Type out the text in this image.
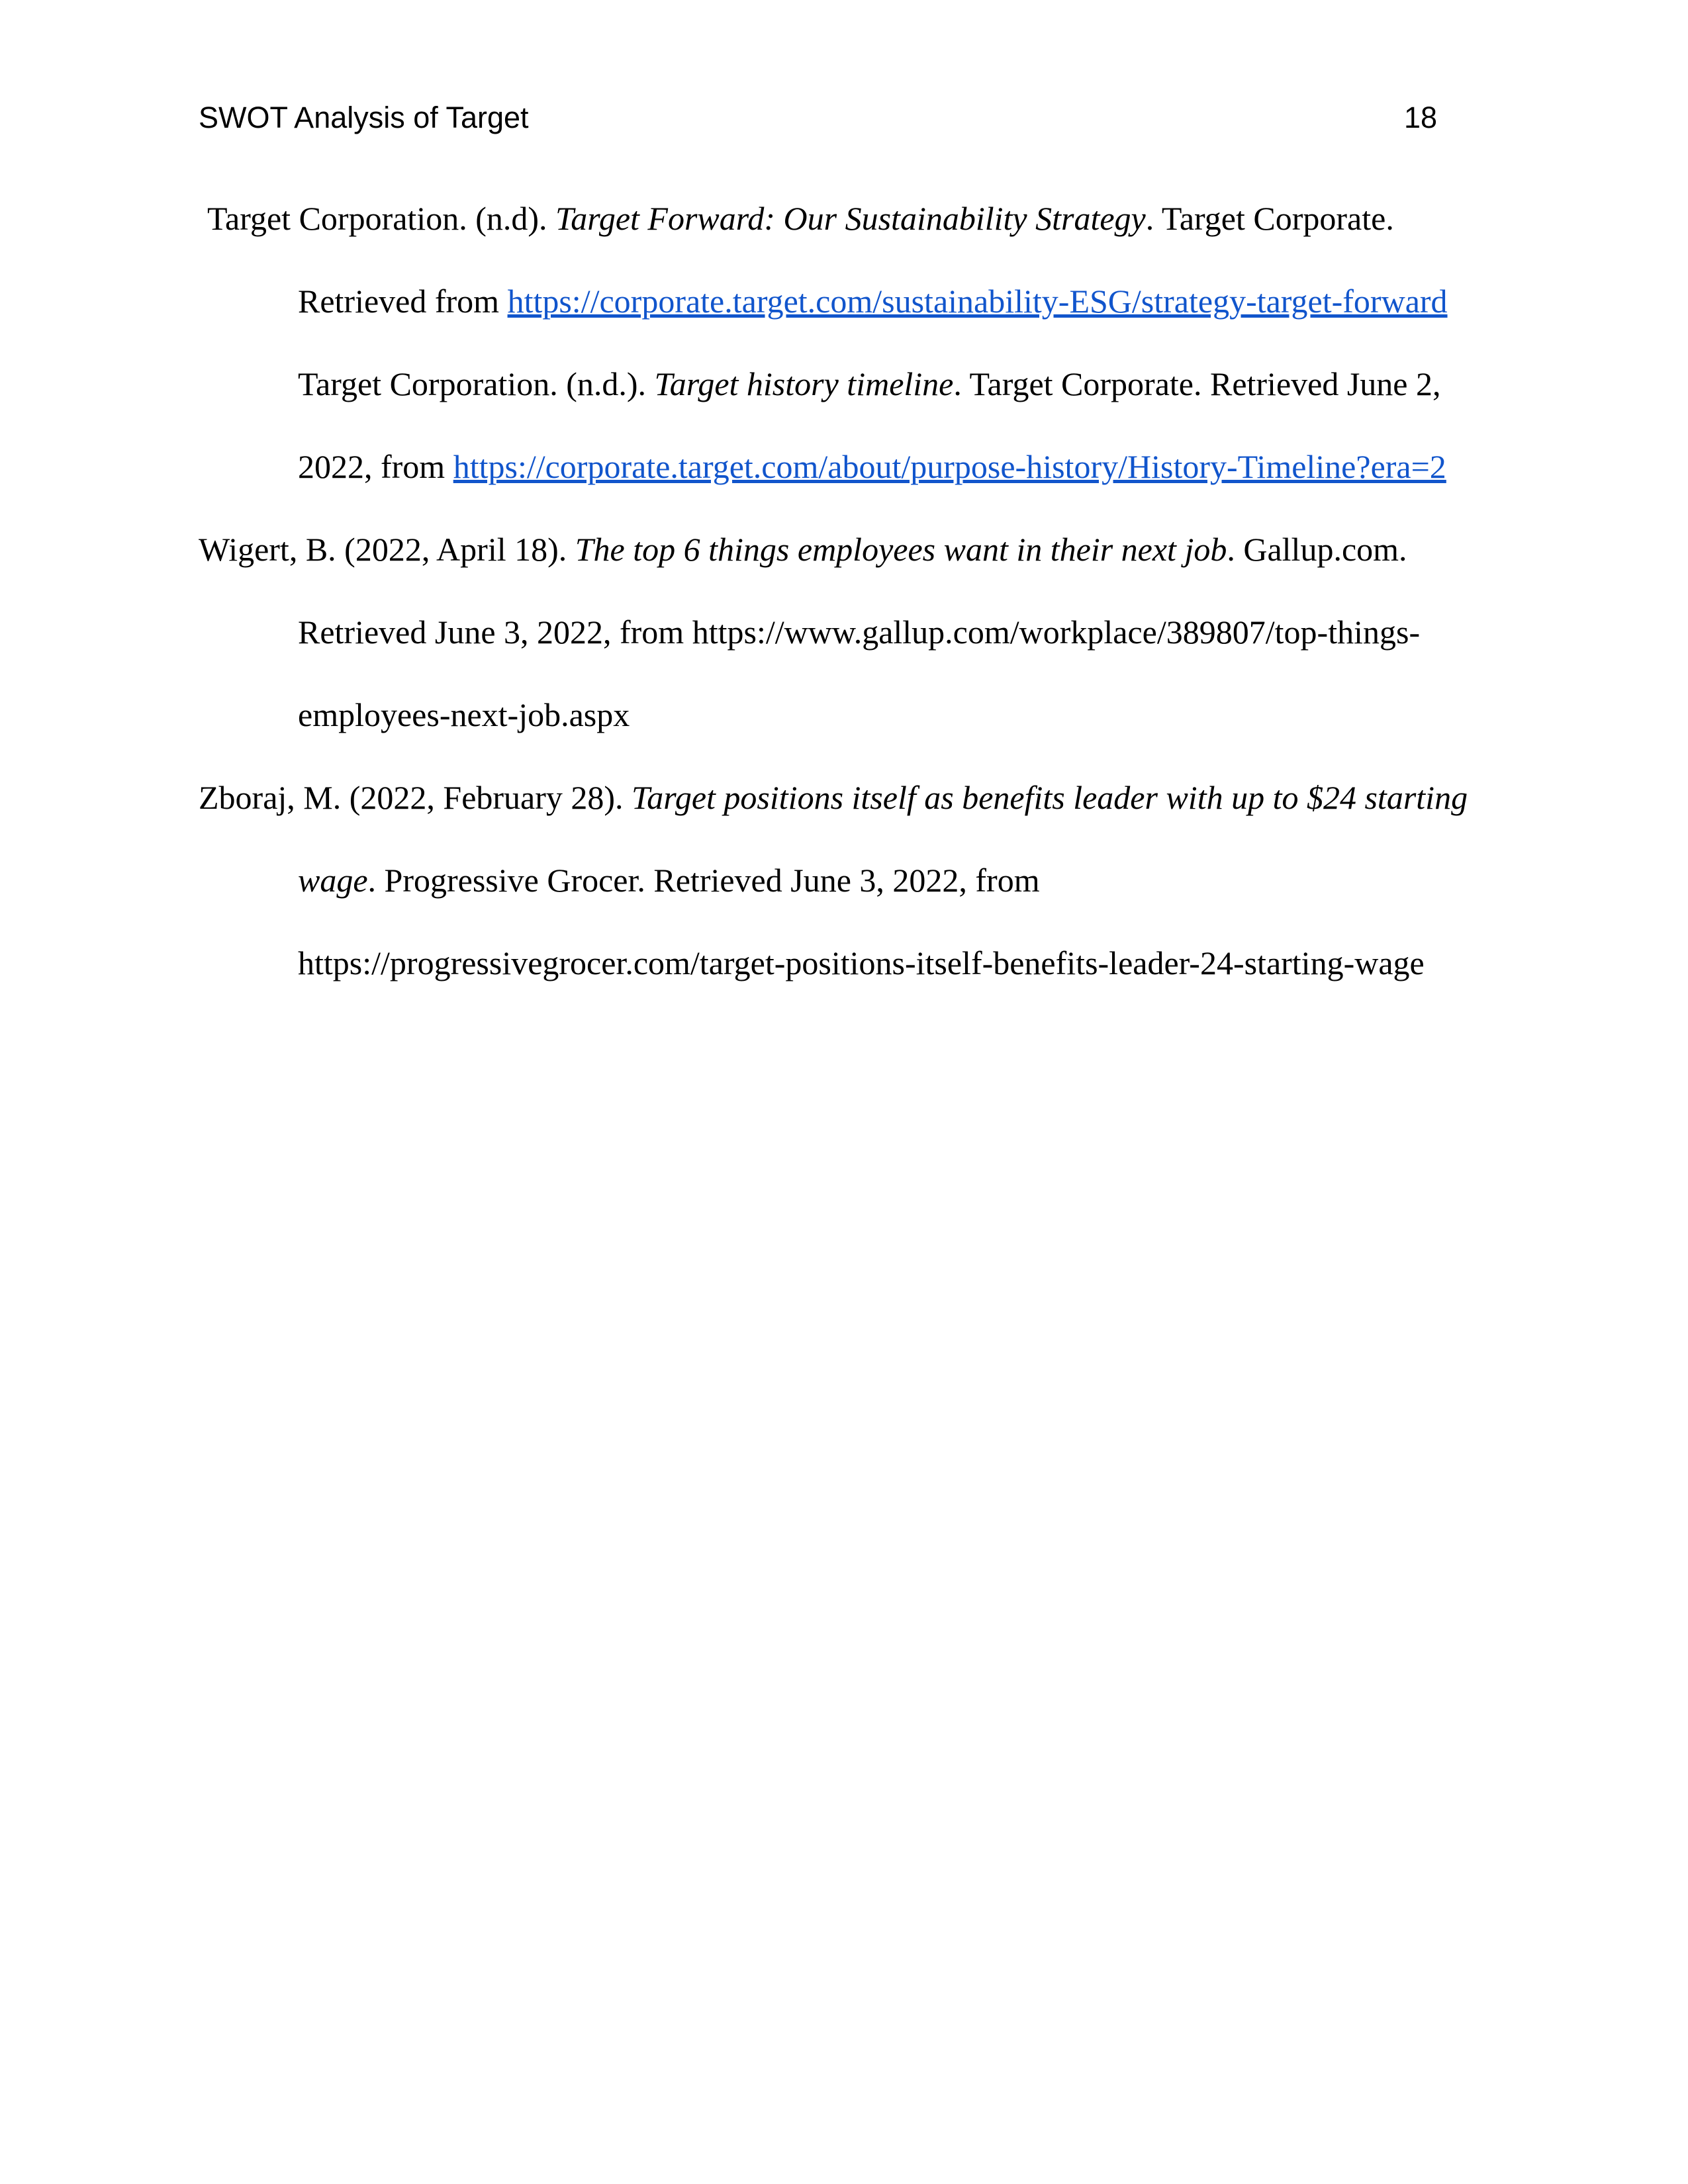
SWOT Analysis of Target	18
Target Corporation. (n.d). Target Forward: Our Sustainability Strategy. Target Corporate.
Retrieved from https://corporate.target.com/sustainability-ESG/strategy-target-forward
Target Corporation. (n.d.). Target history timeline. Target Corporate. Retrieved June 2,
2022, from https://corporate.target.com/about/purpose-history/History-Timeline?era=2
Wigert, B. (2022, April 18). The top 6 things employees want in their next job. Gallup.com.
Retrieved June 3, 2022, from https://www.gallup.com/workplace/389807/top-things-
employees-next-job.aspx
Zboraj, M. (2022, February 28). Target positions itself as benefits leader with up to $24 starting
wage. Progressive Grocer. Retrieved June 3, 2022, from
https://progressivegrocer.com/target-positions-itself-benefits-leader-24-starting-wage
